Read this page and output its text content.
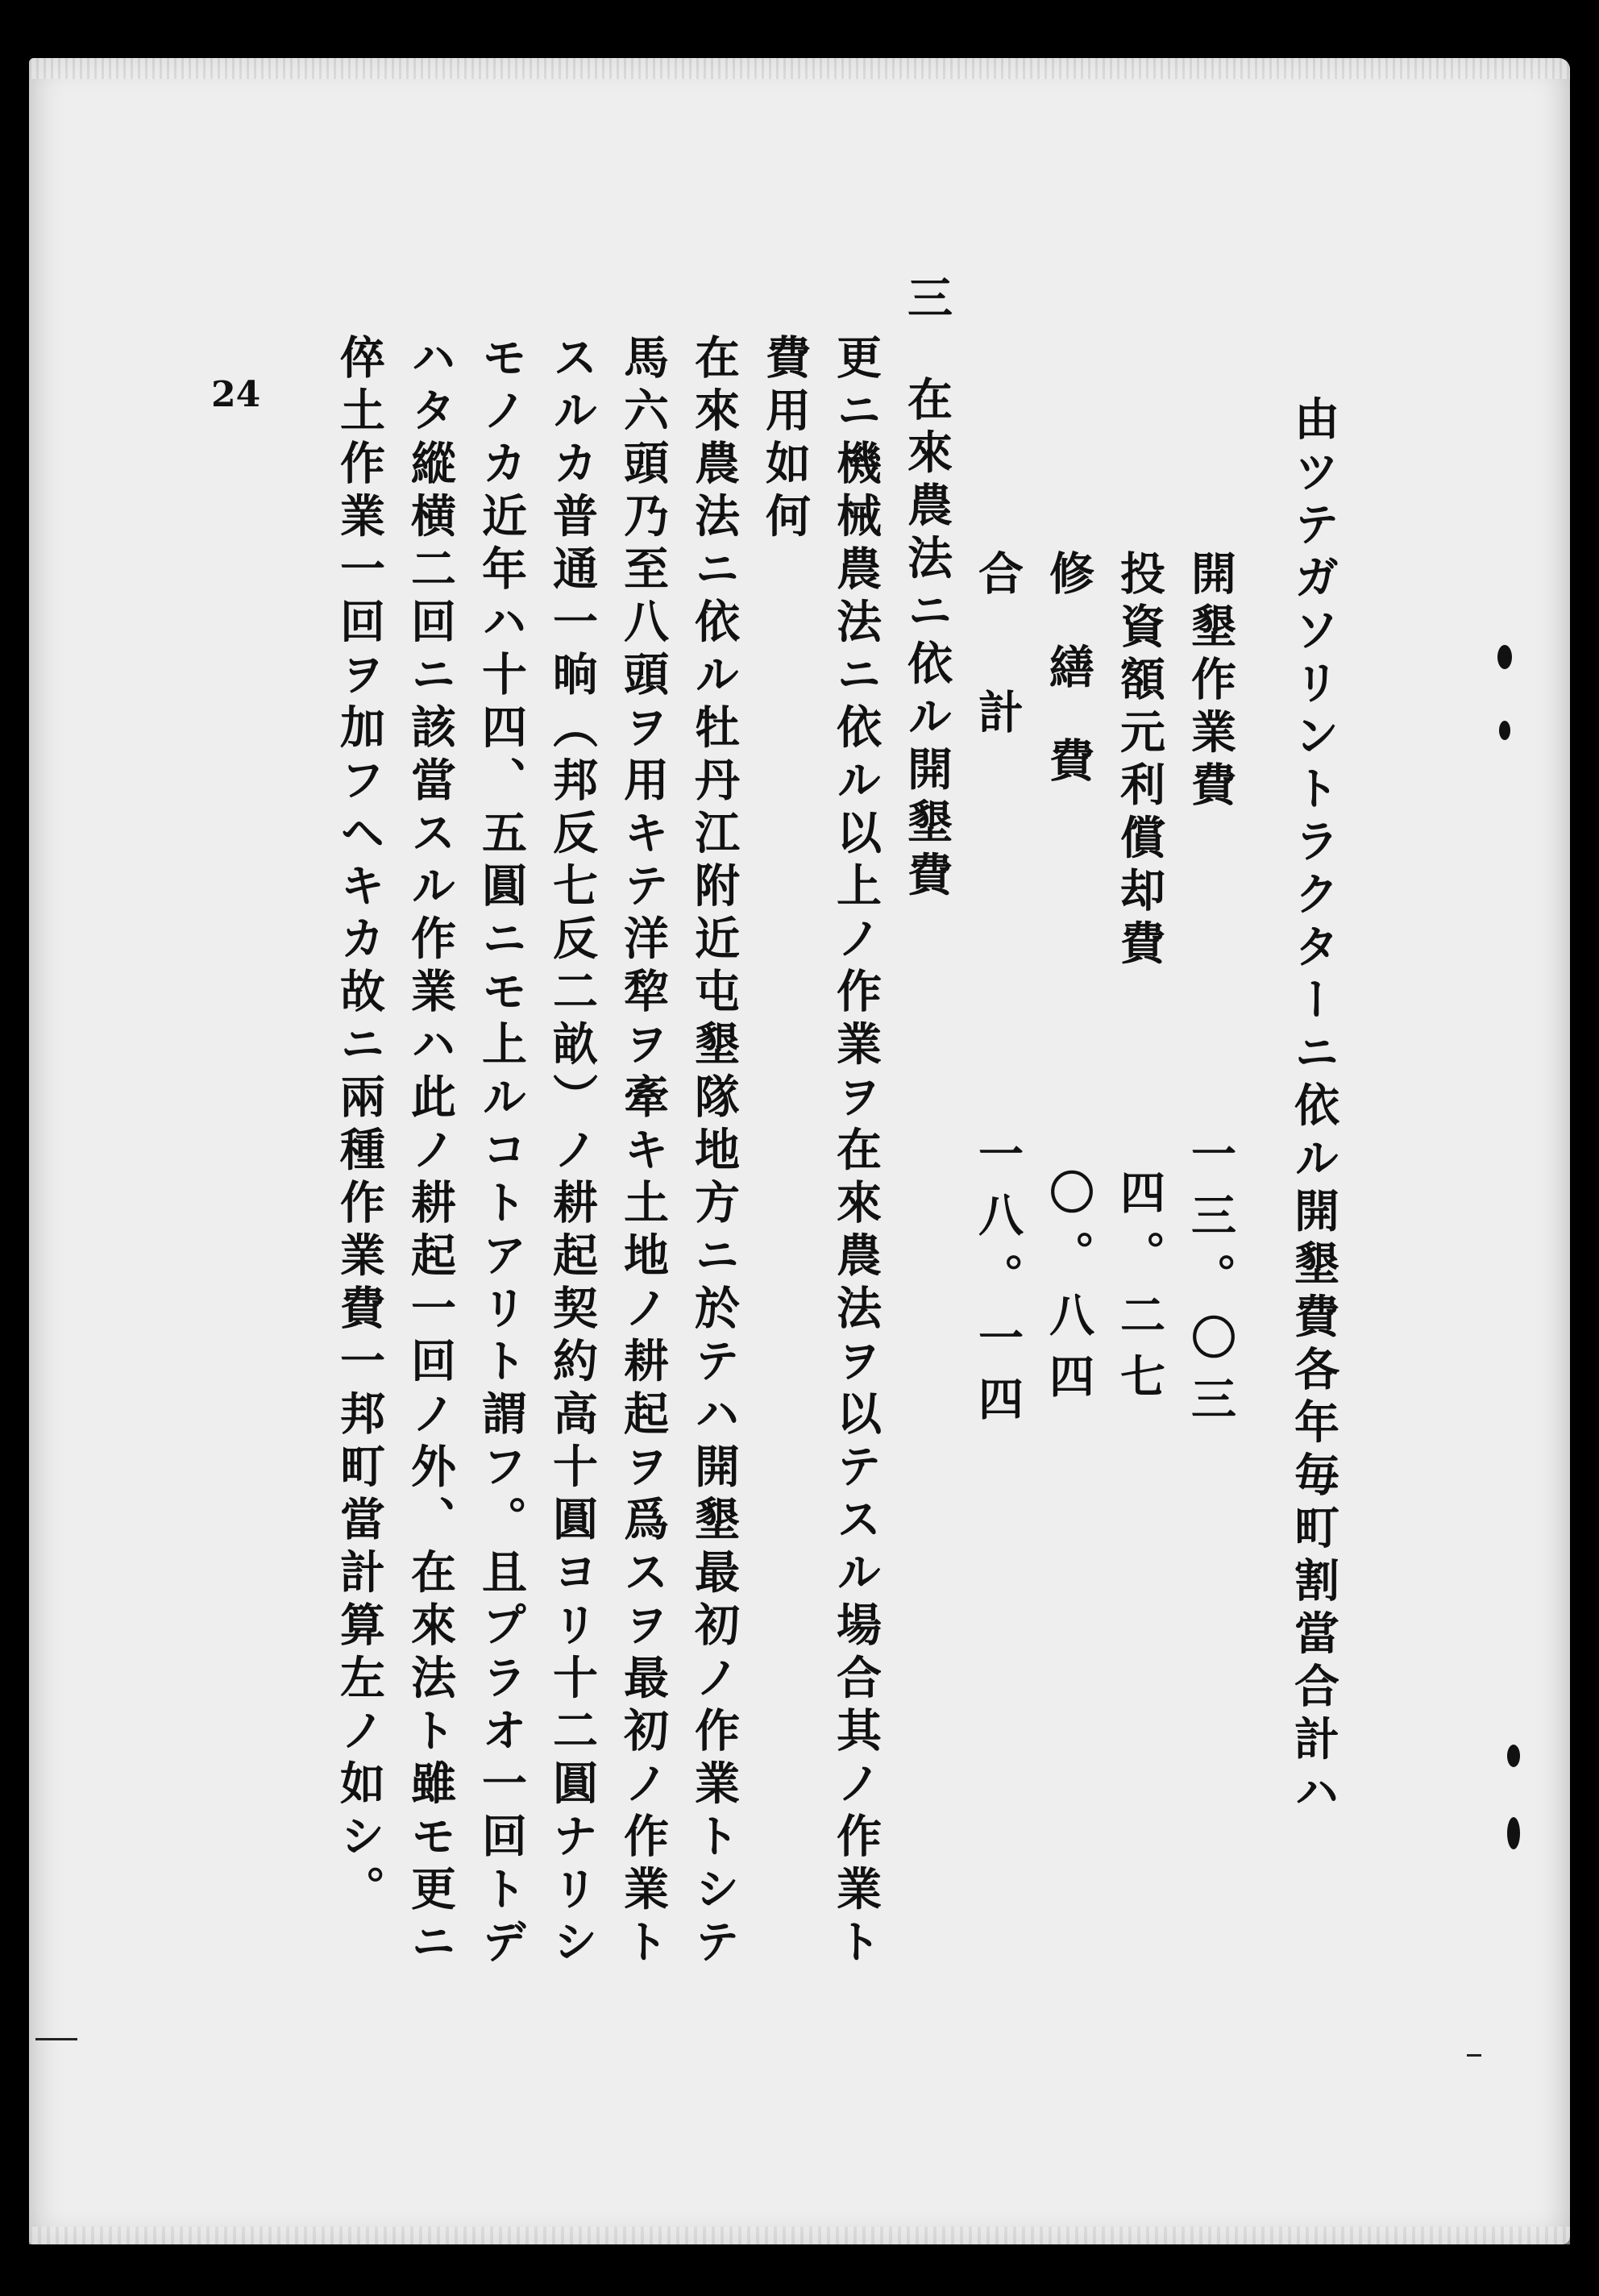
由ツテガソリントラクターニ依ル開墾費各年毎町割當合計ハ
開墾作業費
投資額元利償却費
修繕費
合　計
一三。〇三
四。二七
〇。八四
一八。一四
三
在來農法ニ依ル開墾費
更ニ機械農法ニ依ル以上ノ作業ヲ在來農法ヲ以テスル場合其ノ作業ト
費用如何
在來農法ニ依ル牡丹江附近屯墾隊地方ニ於テハ開墾最初ノ作業トシテ
馬六頭乃至八頭ヲ用キテ洋犂ヲ牽キ土地ノ耕起ヲ爲スヲ最初ノ作業ト
スルカ普通一晌（邦反七反二畝）ノ耕起契約高十圓ヨリ十二圓ナリシ
モノカ近年ハ十四、五圓ニモ上ルコトアリト謂フ。且プラオ一回トデ
ハタ縱横二回ニ該當スル作業ハ此ノ耕起一回ノ外、在來法ト雖モ更ニ
倅土作業一回ヲ加フヘキカ故ニ兩種作業費一邦町當計算左ノ如シ。
24
